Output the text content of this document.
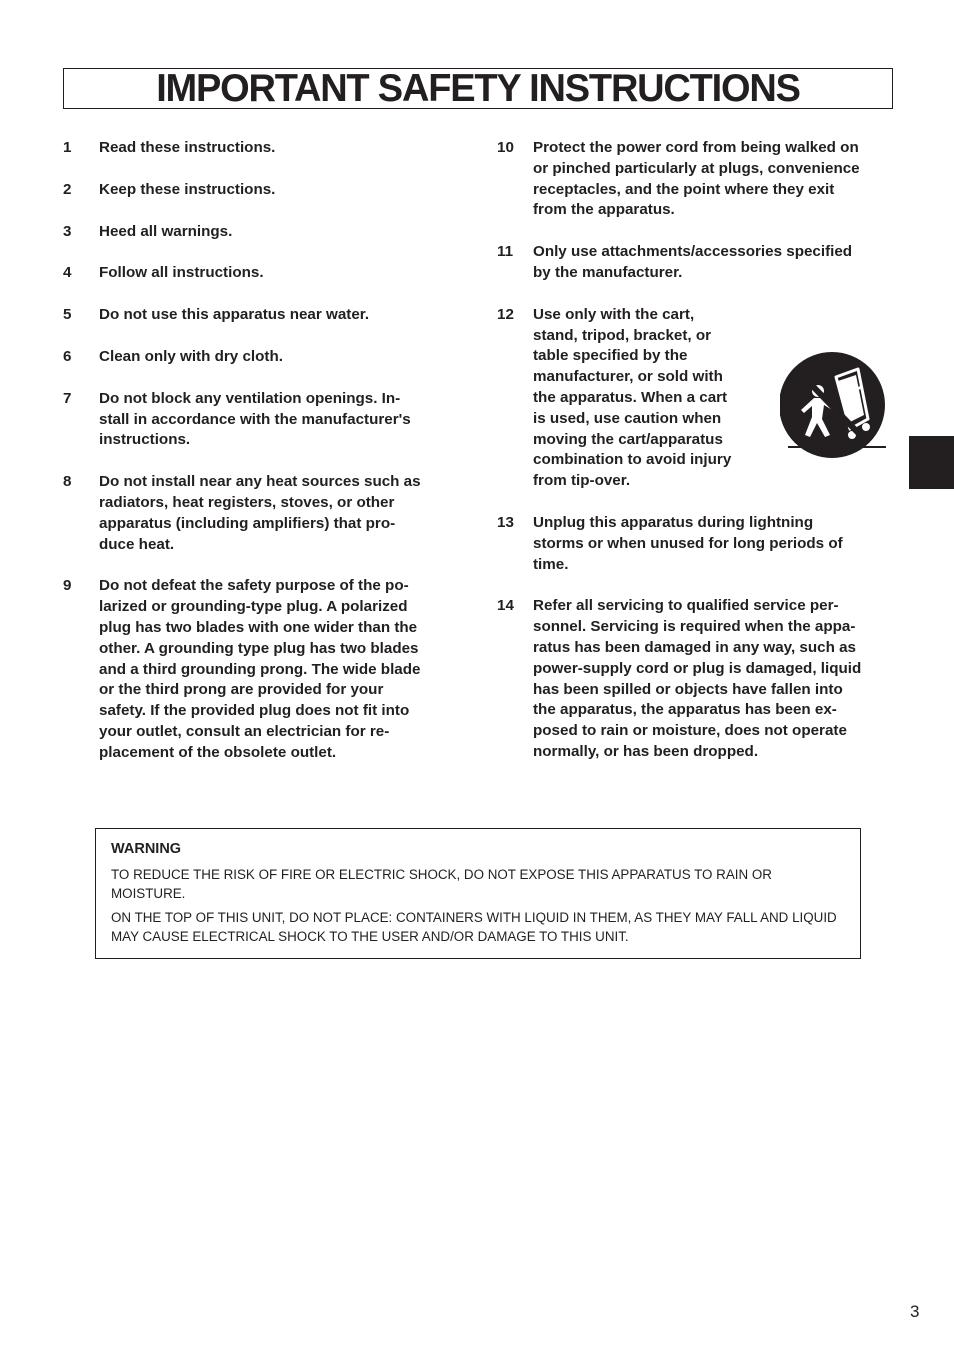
IMPORTANT SAFETY INSTRUCTIONS
1	Read these instructions.
2	Keep these instructions.
3	Heed all warnings.
4	Follow all instructions.
5	Do not use this apparatus near water.
6	Clean only with dry cloth.
7	Do not block any ventilation openings. In-
stall in accordance with the manufacturer's
instructions.
8	Do not install near any heat sources such as
radiators, heat registers, stoves, or other
apparatus (including amplifiers) that pro-
duce heat.
9	Do not defeat the safety purpose of the po-
larized or grounding-type plug. A polarized
plug has two blades with one wider than the
other. A grounding type plug has two blades
and a third grounding prong. The wide blade
or the third prong are provided for your
safety. If the provided plug does not fit into
your outlet, consult an electrician for re-
placement of the obsolete outlet.
10	Protect the power cord from being walked on
or pinched particularly at plugs, convenience
receptacles, and the point where they exit
from the apparatus.
11	Only use attachments/accessories specified
by the manufacturer.
12	Use only with the cart,
stand, tripod, bracket, or
table specified by the
manufacturer, or sold with
the apparatus. When a cart
is used, use caution when
moving the cart/apparatus
combination to avoid injury
from tip-over.
13	Unplug this apparatus during lightning
storms or when unused for long periods of
time.
14	Refer all servicing to qualified service per-
sonnel. Servicing is required when the appa-
ratus has been damaged in any way, such as
power-supply cord or plug is damaged, liquid
has been spilled or objects have fallen into
the apparatus, the apparatus has been ex-
posed to rain or moisture, does not operate
normally, or has been dropped.
WARNING

TO REDUCE THE RISK OF FIRE OR ELECTRIC SHOCK, DO NOT EXPOSE THIS APPARATUS TO RAIN OR MOISTURE.

ON THE TOP OF THIS UNIT, DO NOT PLACE: CONTAINERS WITH LIQUID IN THEM, AS THEY MAY FALL AND LIQUID MAY CAUSE ELECTRICAL SHOCK TO THE USER AND/OR DAMAGE TO THIS UNIT.

3
